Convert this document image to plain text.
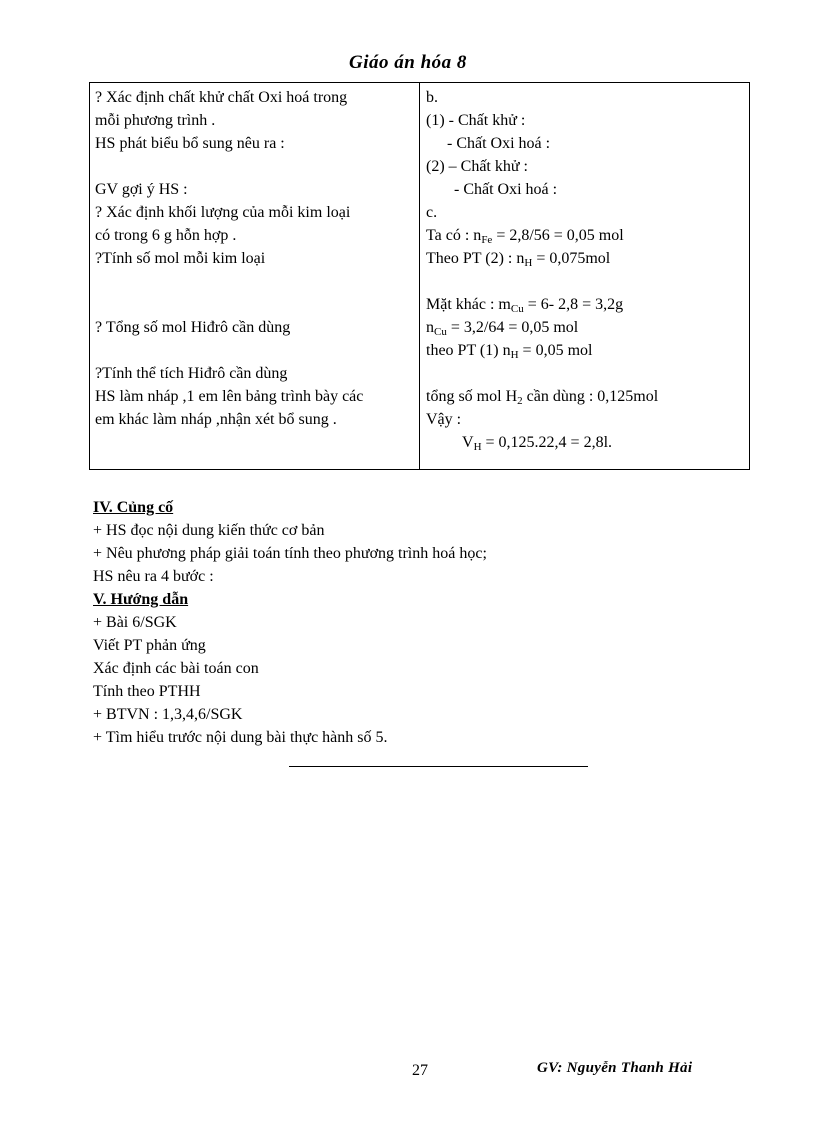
Giáo án hóa 8
? Xác định chất khử chất Oxi hoá trong
mỗi phương trình .
HS phát biểu bổ sung nêu ra :
GV gợi ý HS :
? Xác định khối lượng của mỗi kim loại
có trong 6 g hỗn hợp .
?Tính số mol mỗi kim loại
? Tổng số mol Hiđrô cần dùng
?Tính thể tích Hiđrô cần dùng
HS làm nháp ,1 em lên bảng trình bày các
em khác làm nháp ,nhận xét bổ sung .
b.
(1) - Chất khử :
- Chất Oxi hoá :
(2) – Chất khử :
- Chất Oxi hoá :
c.
Ta có : $n_{Fe} = 2,8/56 = 0,05$ mol
Theo PT (2) : $n_H = 0,075mol$
Mặt khác : $m_{Cu} = 6-$ 2,8 = 3,2g
$n_{Cu} = 3,2/64 = 0,05$ mol
theo PT (1) $n_H = 0,05$ mol
tổng số mol $H_2$ cần dùng : 0,125mol
Vậy :
$V_H = 0,125.22,4 = 2,8l$.
IV. Củng cố
+ HS đọc nội dung kiến thức cơ bản
+ Nêu phương pháp giải toán tính theo phương trình hoá học;
HS nêu ra 4 bước :
V. Hướng dẫn
+ Bài 6/SGK
Viết PT phản ứng
Xác định các bài toán con
Tính theo PTHH
+ BTVN : 1,3,4,6/SGK
+ Tìm hiểu trước nội dung bài thực hành số 5.
27	GV: Nguyễn Thanh Hải
